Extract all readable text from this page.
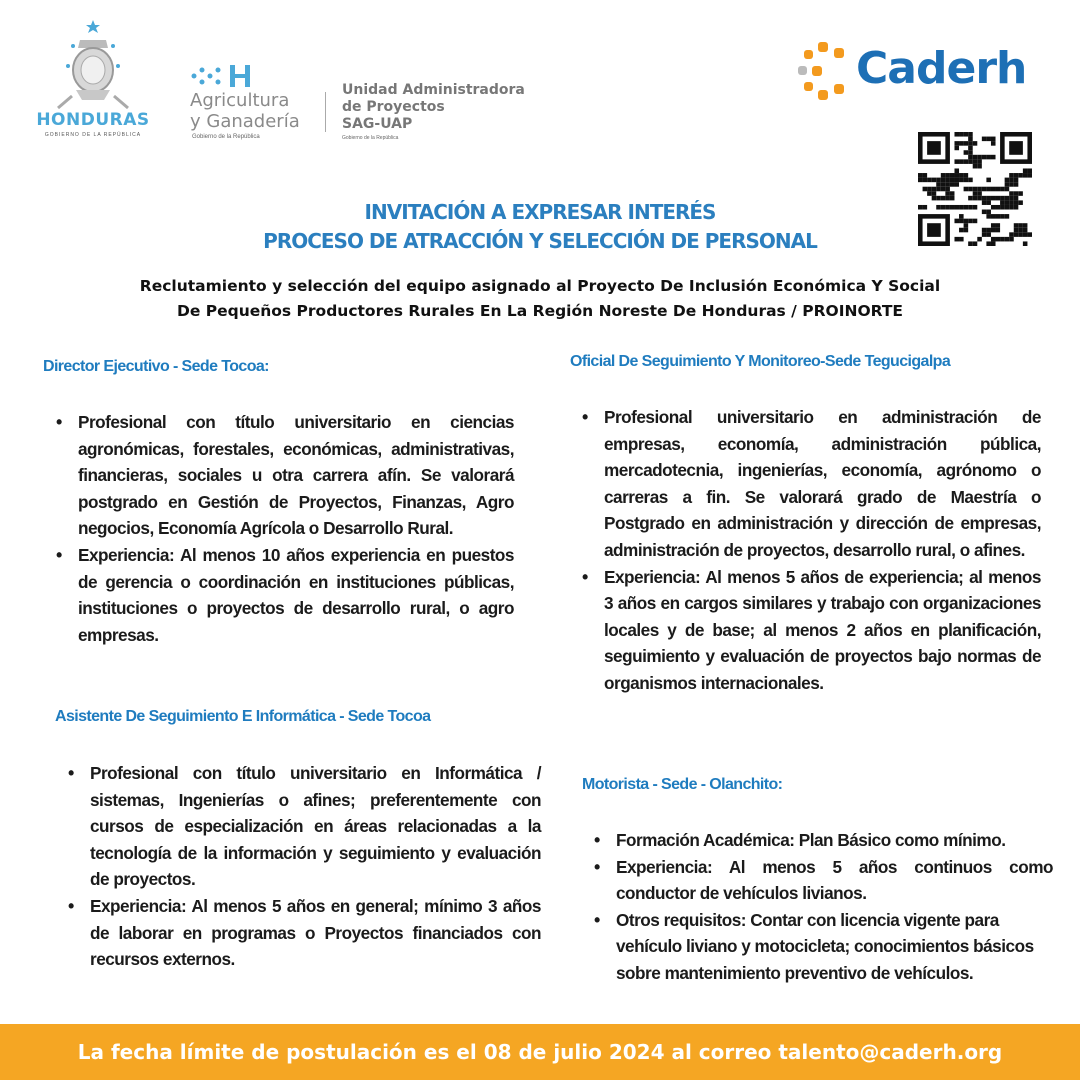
HONDURAS
GOBIERNO DE LA REPÚBLICA
Agricultura
y Ganadería
Gobierno de la República
Unidad Administradora
de Proyectos
SAG-UAP
Gobierno de la República
Caderh
INVITACIÓN A EXPRESAR INTERÉS
PROCESO DE ATRACCIÓN Y SELECCIÓN DE PERSONAL
Reclutamiento y selección del equipo asignado al Proyecto De Inclusión Económica Y Social
De Pequeños Productores Rurales En La Región Noreste De Honduras / PROINORTE
Director Ejecutivo - Sede Tocoa:
• Profesional con título universitario en ciencias agronómicas, forestales, económicas, administrativas, financieras, sociales u otra carrera afín. Se valorará postgrado en Gestión de Proyectos, Finanzas, Agro negocios, Economía Agrícola o Desarrollo Rural.
• Experiencia: Al menos 10 años experiencia en puestos de gerencia o coordinación en instituciones públicas, instituciones o proyectos de desarrollo rural, o agro empresas.
Asistente De Seguimiento E Informática - Sede Tocoa
• Profesional con título universitario en Informática / sistemas, Ingenierías o afines; preferentemente con cursos de especialización en áreas relacionadas a la tecnología de la información y seguimiento y evaluación de proyectos.
• Experiencia: Al menos 5 años en general; mínimo 3 años de laborar en programas o Proyectos financiados con recursos externos.
Oficial De Seguimiento Y Monitoreo-Sede Tegucigalpa
• Profesional universitario en administración de empresas, economía, administración pública, mercadotecnia, ingenierías, economía, agrónomo o carreras a fin. Se valorará grado de Maestría o Postgrado en administración y dirección de empresas, administración de proyectos, desarrollo rural, o afines.
• Experiencia: Al menos 5 años de experiencia; al menos 3 años en cargos similares y trabajo con organizaciones locales y de base; al menos 2 años en planificación, seguimiento y evaluación de proyectos bajo normas de organismos internacionales.
Motorista - Sede - Olanchito:
• Formación Académica: Plan Básico como mínimo.
• Experiencia: Al menos 5 años continuos como conductor de vehículos livianos.
• Otros requisitos: Contar con licencia vigente para vehículo liviano y motocicleta; conocimientos básicos sobre mantenimiento preventivo de vehículos.
La fecha límite de postulación es el 08 de julio 2024 al correo talento@caderh.org
